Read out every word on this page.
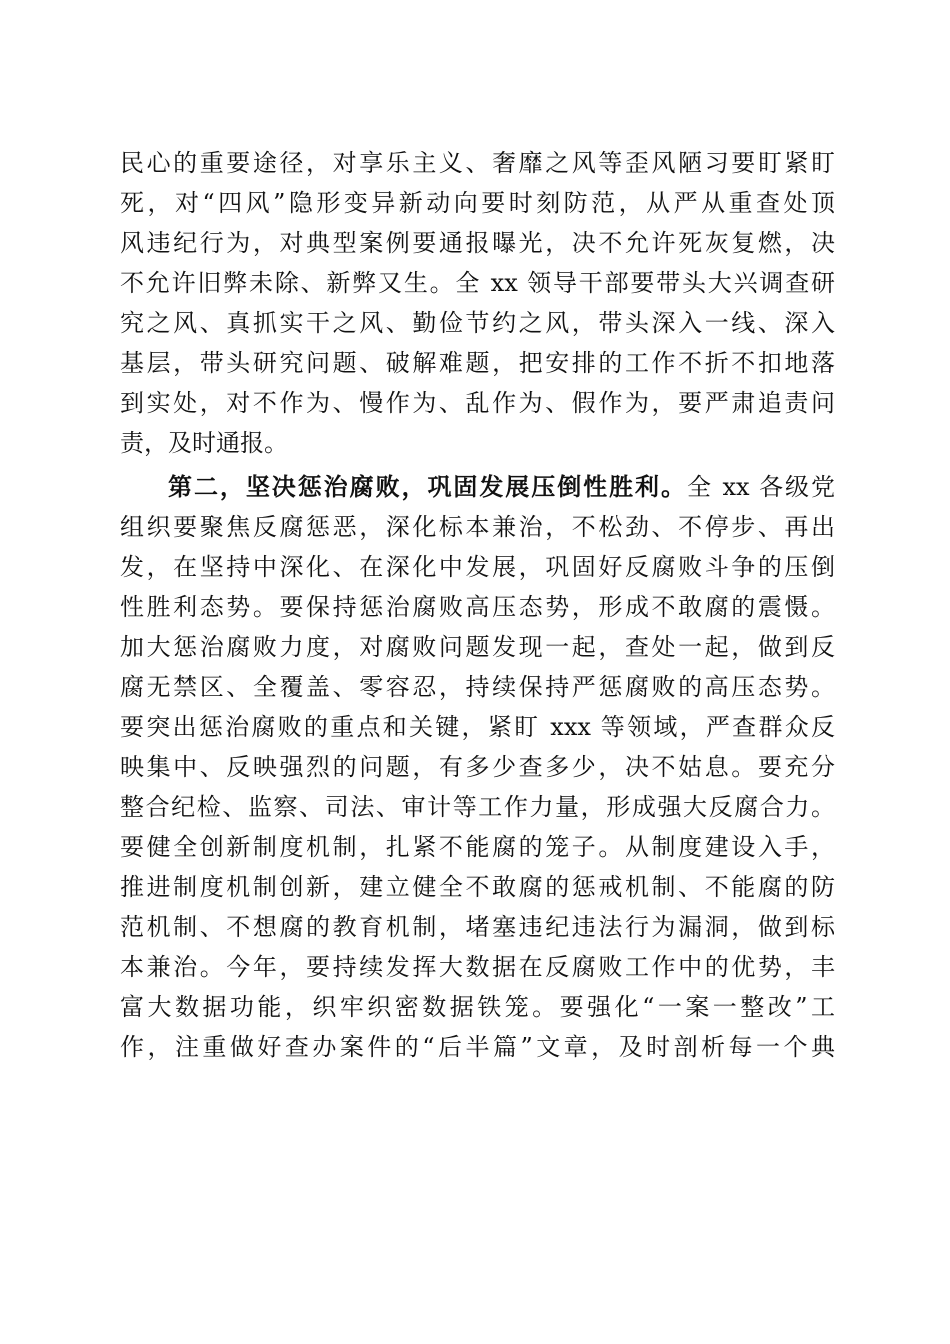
民心的重要途径，对享乐主义、奢靡之风等歪风陋习要盯紧盯
死，对“四风”隐形变异新动向要时刻防范，从严从重查处顶
风违纪行为，对典型案例要通报曝光，决不允许死灰复燃，决
不允许旧弊未除、新弊又生。全 xx 领导干部要带头大兴调查研
究之风、真抓实干之风、勤俭节约之风，带头深入一线、深入
基层，带头研究问题、破解难题，把安排的工作不折不扣地落
到实处，对不作为、慢作为、乱作为、假作为，要严肃追责问
责，及时通报。
第二，坚决惩治腐败，巩固发展压倒性胜利。全 xx 各级党
组织要聚焦反腐惩恶，深化标本兼治，不松劲、不停步、再出
发，在坚持中深化、在深化中发展，巩固好反腐败斗争的压倒
性胜利态势。要保持惩治腐败高压态势，形成不敢腐的震慑。
加大惩治腐败力度，对腐败问题发现一起，查处一起，做到反
腐无禁区、全覆盖、零容忍，持续保持严惩腐败的高压态势。
要突出惩治腐败的重点和关键，紧盯 xxx 等领域，严查群众反
映集中、反映强烈的问题，有多少查多少，决不姑息。要充分
整合纪检、监察、司法、审计等工作力量，形成强大反腐合力。
要健全创新制度机制，扎紧不能腐的笼子。从制度建设入手，
推进制度机制创新，建立健全不敢腐的惩戒机制、不能腐的防
范机制、不想腐的教育机制，堵塞违纪违法行为漏洞，做到标
本兼治。今年，要持续发挥大数据在反腐败工作中的优势，丰
富大数据功能，织牢织密数据铁笼。要强化“一案一整改”工
作，注重做好查办案件的“后半篇”文章，及时剖析每一个典
